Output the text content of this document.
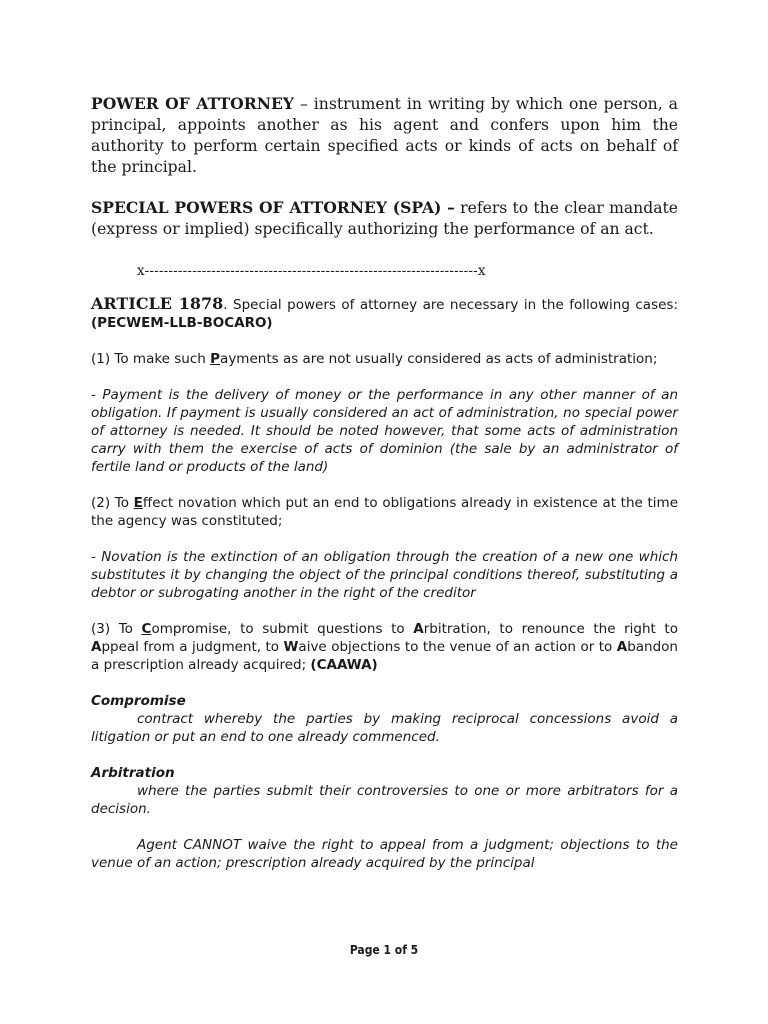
POWER OF ATTORNEY – instrument in writing by which one person, a principal, appoints another as his agent and confers upon him the authority to perform certain specified acts or kinds of acts on behalf of the principal.

SPECIAL POWERS OF ATTORNEY (SPA) – refers to the clear mandate (express or implied) specifically authorizing the performance of an act.

x----------------------------------------------------------------------x

ARTICLE 1878. Special powers of attorney are necessary in the following cases: (PECWEM-LLB-BOCARO)

(1) To make such Payments as are not usually considered as acts of administration;

- Payment is the delivery of money or the performance in any other manner of an obligation. If payment is usually considered an act of administration, no special power of attorney is needed. It should be noted however, that some acts of administration carry with them the exercise of acts of dominion (the sale by an administrator of fertile land or products of the land)

(2) To Effect novation which put an end to obligations already in existence at the time the agency was constituted;

- Novation is the extinction of an obligation through the creation of a new one which substitutes it by changing the object of the principal conditions thereof, substituting a debtor or subrogating another in the right of the creditor

(3) To Compromise, to submit questions to Arbitration, to renounce the right to Appeal from a judgment, to Waive objections to the venue of an action or to Abandon a prescription already acquired; (CAAWA)

Compromise

contract whereby the parties by making reciprocal concessions avoid a litigation or put an end to one already commenced.

Arbitration

where the parties submit their controversies to one or more arbitrators for a decision.

Agent CANNOT waive the right to appeal from a judgment; objections to the venue of an action; prescription already acquired by the principal

Page 1 of 5
